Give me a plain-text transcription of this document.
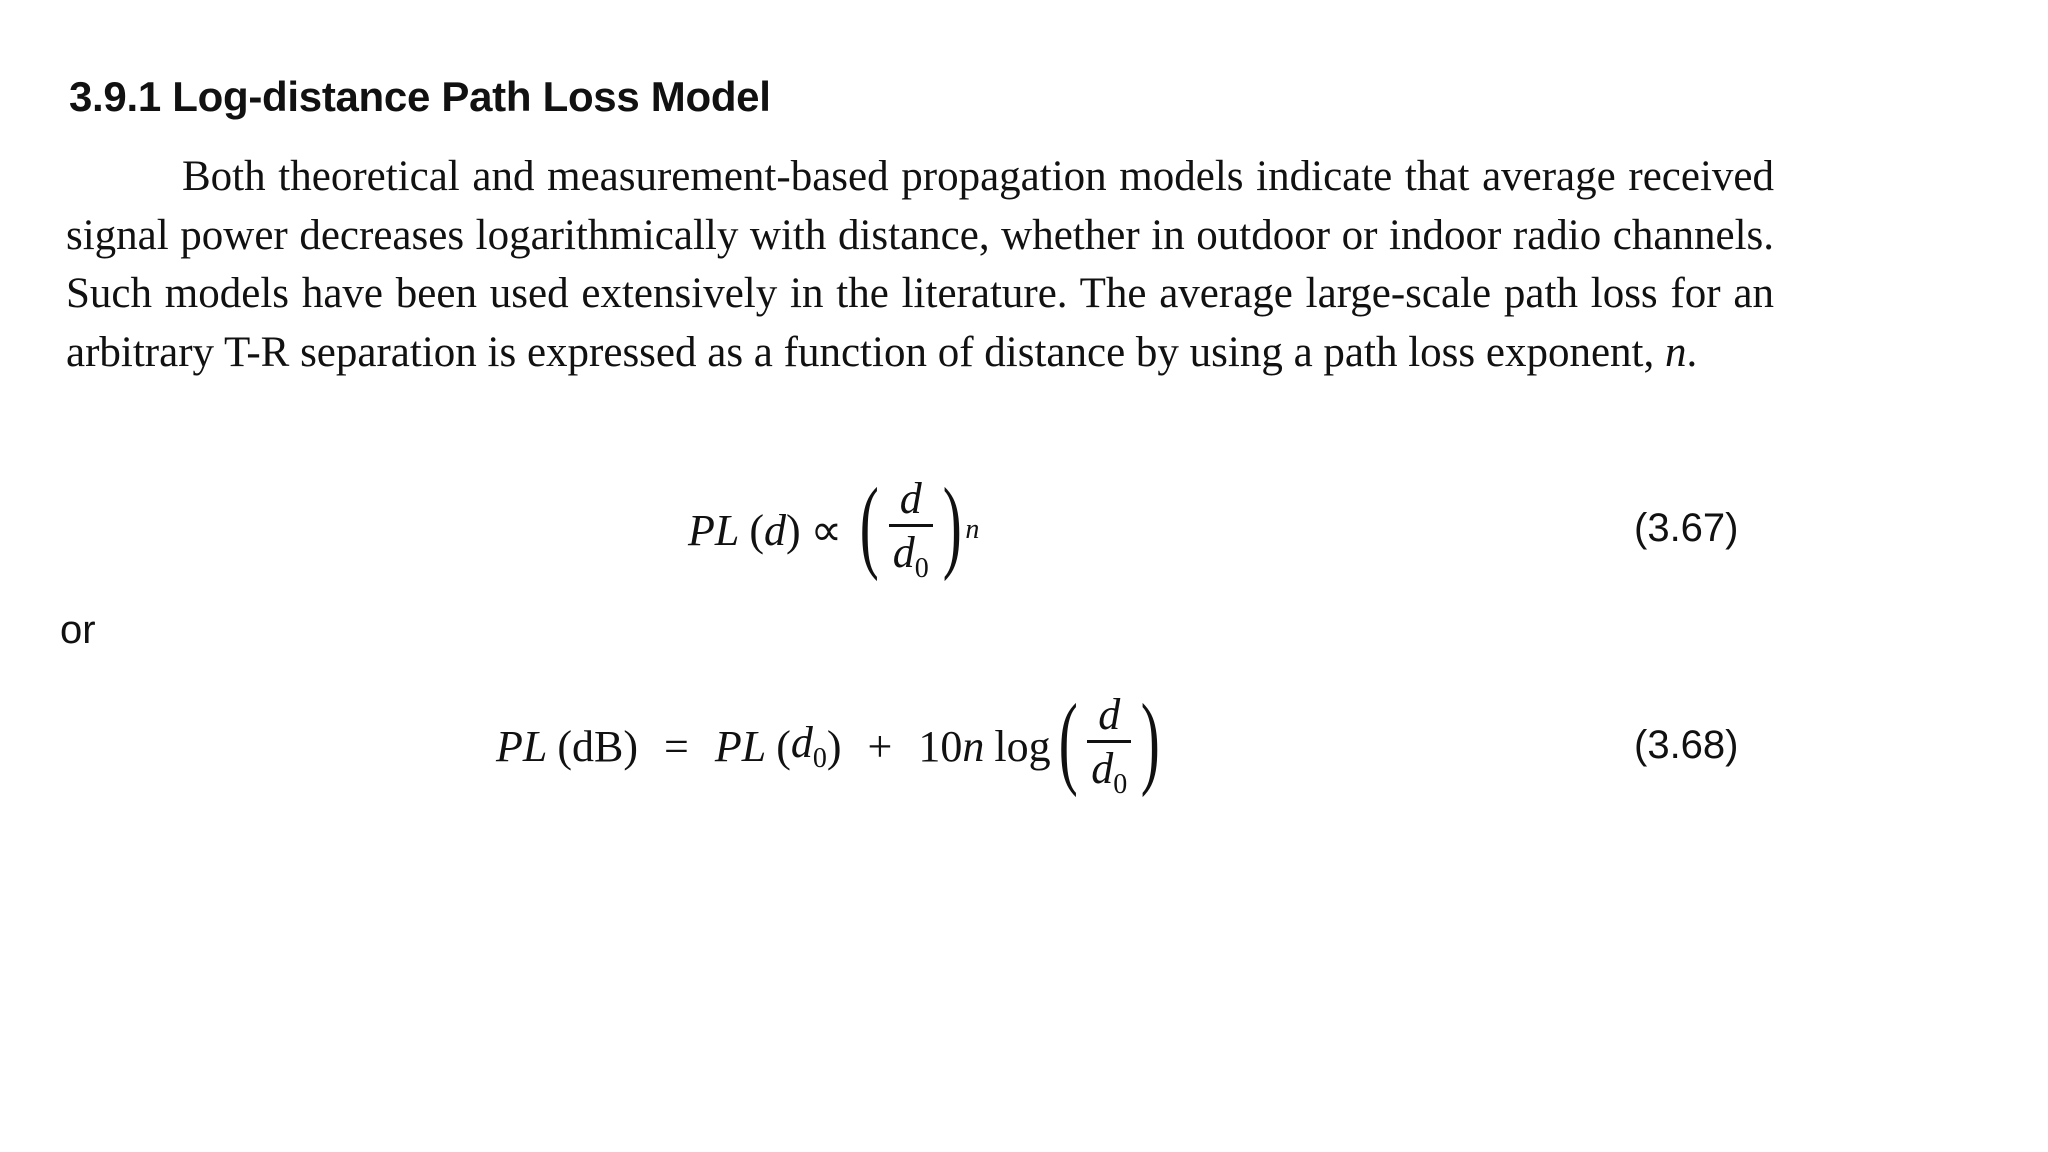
3.9.1 Log-distance Path Loss Model
Both theoretical and measurement-based propagation models indicate that average received signal power decreases logarithmically with distance, whether in outdoor or indoor radio channels. Such models have been used extensively in the literature. The average large-scale path loss for an arbitrary T-R separation is expressed as a function of distance by using a path loss exponent, n.
PL ( d ) ∝ ( $\frac{d}{d_0}$ ) n	(3.67)
or
PL (dB) = PL ( $d_0$ ) + 10 n log ( $\frac{d}{d_0}$ )	(3.68)
